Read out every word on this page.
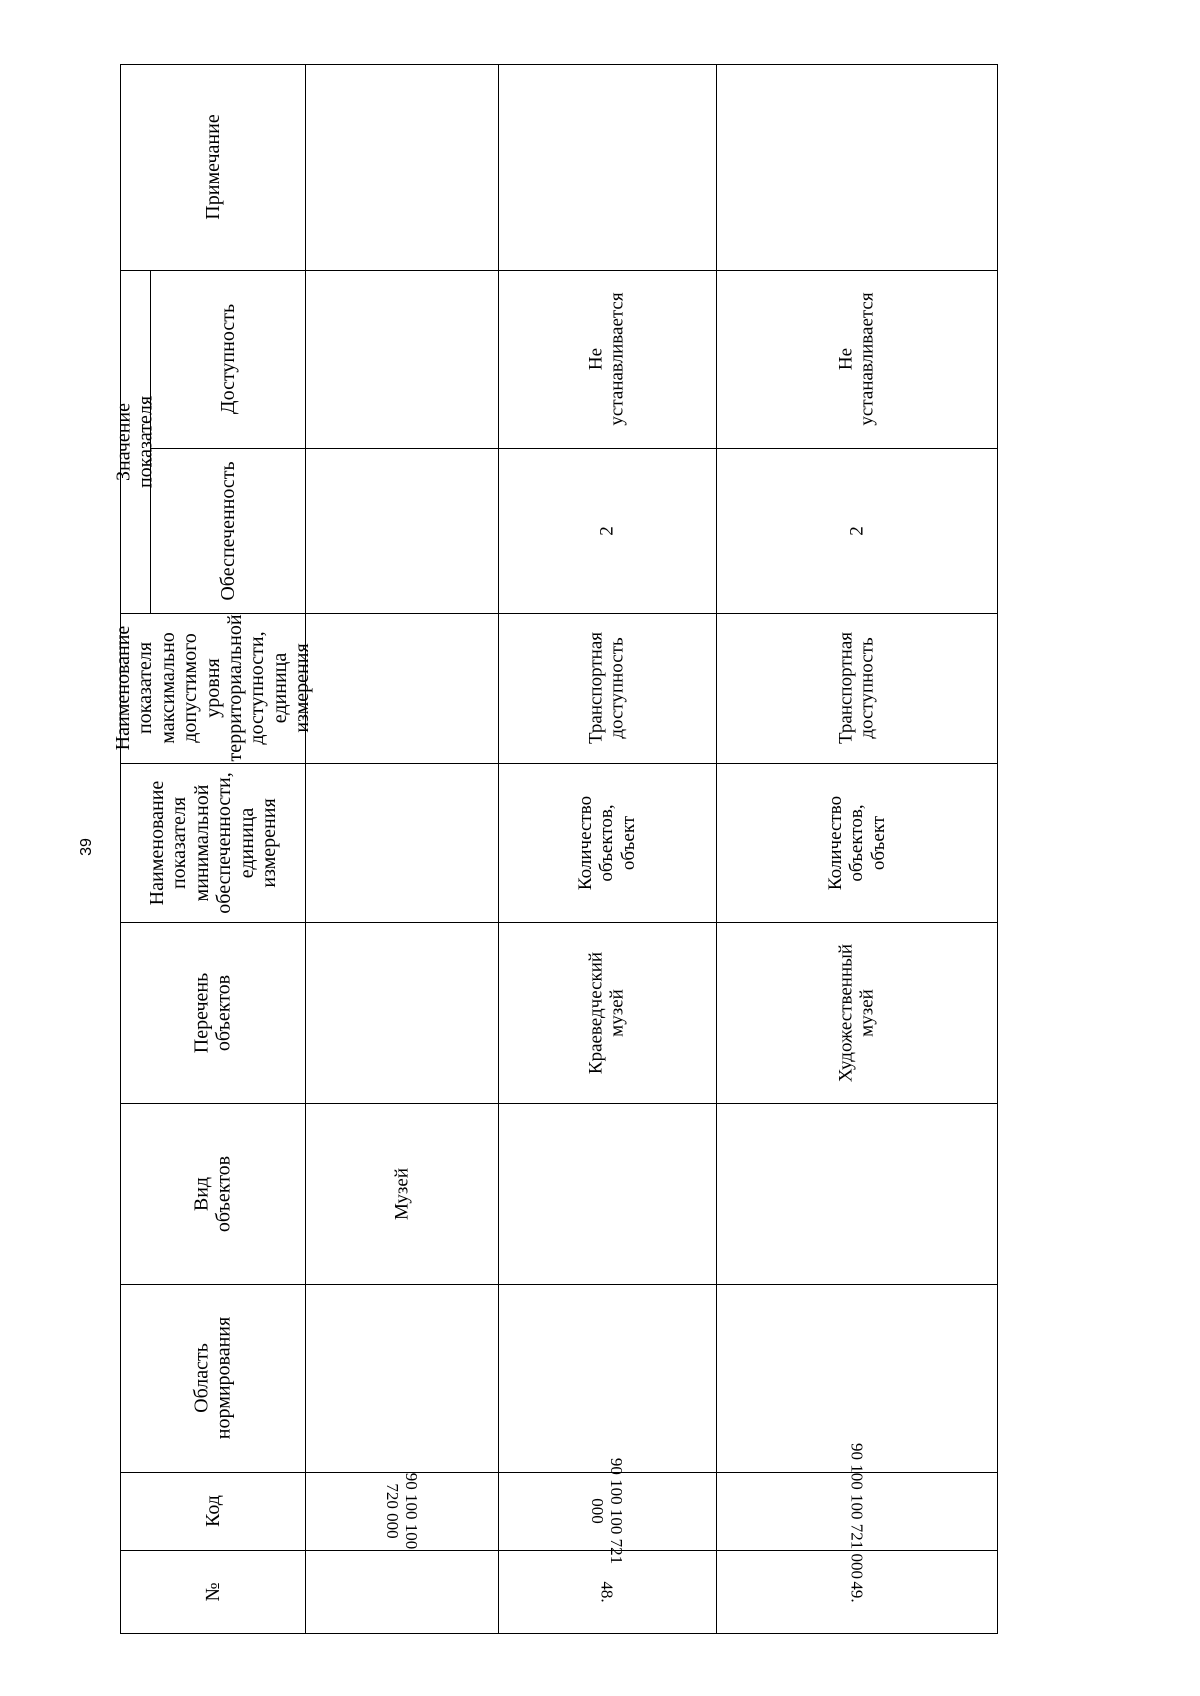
39
Примечание
Значение показателя
Доступность
Обеспеченность
Наименование
показателя
максимально
допустимого
уровня
территориальной
доступности,
единица
измерения
Наименование
показателя
минимальной
обеспеченности,
единица
измерения
Перечень
объектов
Вид объектов
Область
нормирования
Код
№
Музей
90 100 100 720 000
Не
устанавливается
2
Транспортная
доступность
Количество
объектов,
объект
Краеведческий
музей
90 100 100 721 000
48.
Не
устанавливается
2
Транспортная
доступность
Количество
объектов,
объект
Художественный
музей
90 100 100 721 000
49.
